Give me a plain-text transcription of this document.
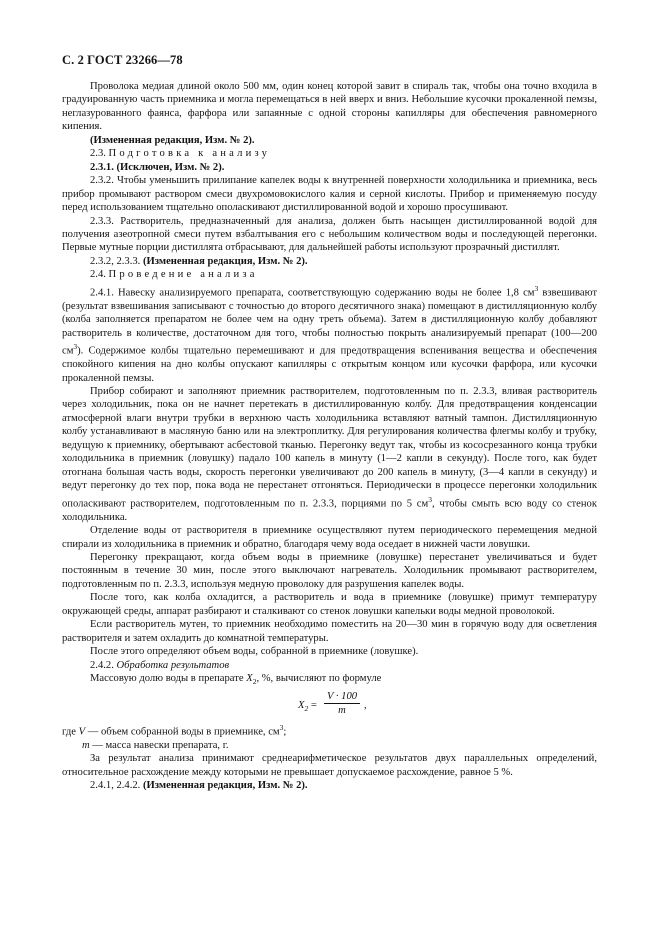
С. 2 ГОСТ 23266—78

Проволока медиая длиной около 500 мм, один конец которой завит в спираль так, чтобы она точно входила в градуированную часть приемника и могла перемещаться в ней вверх и вниз. Небольшие кусочки прокаленной пемзы, неглазурованного фаянса, фарфора или запаянные с одной стороны капилляры для обеспечения равномерного кипения.

(Измененная редакция, Изм. № 2).

2.3. Подготовка к анализу

2.3.1. (Исключен, Изм. № 2).

2.3.2. Чтобы уменьшить прилипание капелек воды к внутренней поверхности холодильника и приемника, весь прибор промывают раствором смеси двухромовокислого калия и серной кислоты. Прибор и применяемую посуду перед использованием тщательно ополаскивают дистиллированной водой и хорошо просушивают.

2.3.3. Растворитель, предназначенный для анализа, должен быть насыщен дистиллированной водой для получения азеотропной смеси путем взбалтывания его с небольшим количеством воды и последующей перегонки. Первые мутные порции дистиллята отбрасывают, для дальнейшей работы используют прозрачный дистиллят.

2.3.2, 2.3.3. (Измененная редакция, Изм. № 2).

2.4. Проведение анализа

2.4.1. Навеску анализируемого препарата, соответствующую содержанию воды не более 1,8 $см^3$ взвешивают (результат взвешивания записывают с точностью до второго десятичного знака) помещают в дистилляционную колбу (колба заполняется препаратом не более чем на одну треть объема). Затем в дистилляционную колбу добавляют растворитель в количестве, достаточном для того, чтобы полностью покрыть анализируемый препарат (100—200 $см^3$). Содержимое колбы тщательно перемешивают и для предотвращения вспенивания вещества и обеспечения спокойного кипения на дно колбы опускают капилляры с открытым концом или кусочки фарфора, или кусочки прокаленной пемзы.

Прибор собирают и заполняют приемник растворителем, подготовленным по п. 2.3.3, вливая растворитель через холодильник, пока он не начнет перетекать в дистиллированную колбу. Для предотвращения конденсации атмосферной влаги внутри трубки в верхнюю часть холодильника вставляют ватный тампон. Дистилляционную колбу устанавливают в масляную баню или на электроплитку. Для регулирования количества флегмы колбу и трубку, ведущую к приемнику, обертывают асбестовой тканью. Перегонку ведут так, чтобы из кососрезанного конца трубки холодильника в приемник (ловушку) падало 100 капель в минуту (1—2 капли в секунду). После того, как будет отогнана большая часть воды, скорость перегонки увеличивают до 200 капель в минуту, (3—4 капли в секунду) и ведут перегонку до тех пор, пока вода не перестанет отгоняться. Периодически в процессе перегонки холодильник ополаскивают растворителем, подготовленным по п. 2.3.3, порциями по 5 $см^3$, чтобы смыть всю воду со стенок холодильника.

Отделение воды от растворителя в приемнике осуществляют путем периодического перемещения медной спирали из холодильника в приемник и обратно, благодаря чему вода оседает в нижней части ловушки.

Перегонку прекращают, когда объем воды в приемнике (ловушке) перестанет увеличиваться и будет постоянным в течение 30 мин, после этого выключают нагреватель. Холодильник промывают растворителем, подготовленным по п. 2.3.3, используя медную проволоку для разрушения капелек воды.

После того, как колба охладится, а растворитель и вода в приемнике (ловушке) примут температуру окружающей среды, аппарат разбирают и сталкивают со стенок ловушки капельки воды медной проволокой.

Если растворитель мутен, то приемник необходимо поместить на 20—30 мин в горячую воду для осветления растворителя и затем охладить до комнатной температуры.

После этого определяют объем воды, собранной в приемнике (ловушке).

2.4.2. Обработка результатов

Массовую долю воды в препарате $X_2$, %, вычисляют по формуле

$X_2 = \frac{V \cdot 100}{m}$ ,

где V — объем собранной воды в приемнике, $см^3$;

m — масса навески препарата, г.

За результат анализа принимают среднеарифметическое результатов двух параллельных определений, относительное расхождение между которыми не превышает допускаемое расхождение, равное 5 %.

2.4.1, 2.4.2. (Измененная редакция, Изм. № 2).
